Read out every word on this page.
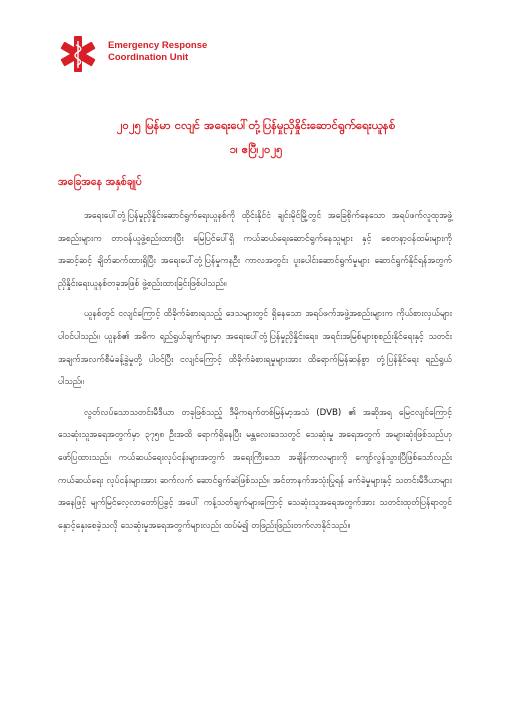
Emergency Response
Coordination Unit
၂၀၂၅ မြန်မာ ငလျင် အရေးပေါ်တုံ့ပြန်မှုညှိနှိုင်းဆောင်ရွက်ရေးယူနစ်
၁၊ ဧပြီ၊၂၀၂၅
အခြေအနေ အနှစ်ချုပ်

အရေးပေါ်တုံ့ပြန်မှုညှိနှိုင်းဆောင်ရွက်ရေးယူနစ်ကို ထိုင်းနိုင်ငံ ချင်းမိုင်မြို့တွင် အခြေစိုက်နေသော အရပ်ဖက်လူထုအဖွဲ့အစည်းများက တာဝန်ယူဖွဲ့စည်းထားပြီး မြေပြင်ပေါ်ရှိ ကယ်ဆယ်ရေးဆောင်ရွက်နေသူများ နှင့် စေတနာ့ဝန်ထမ်းများကို အဆင့်ဆင့် ချိတ်ဆက်ထားရှိပြီး အရေးပေါ်တုံ့ပြန်မှုကနဦး ကာလအတွင်း ပူးပေါင်းဆောင်ရွက်မှုများ ဆောင်ရွက်နိုင်ရန်အတွက် ညှိနှိုင်းရေးယူနစ်တခုအဖြစ် ဖွဲ့စည်းထားခြင်းဖြစ်ပါသည်။

ယူနစ်တွင် ငလျင်ကြောင့် ထိခိုက်ခံစားရသည့် ဒေသများတွင် ရှိနေသော အရပ်ဖက်အဖွဲ့အစည်းများက ကိုယ်စားလှယ်များ ပါဝင်ပါသည်။ ယူနစ်၏ အဓိက ရည်ရွယ်ချက်များမှာ အရေးပေါ်တုံ့ပြန်မှုညှိနှိုင်းရေး၊ အရင်းအမြစ်များစုစည်းနိုင်ရေးနှင့် သတင်းအချက်အလက်စီမံခန့်ခွဲမှုတို့ ပါဝင်ပြီး ငလျင်ကြောင့် ထိခိုက်ခံစားရမှုများအား ထိရောက်မြန်ဆန်စွာ တုံ့ပြန်နိုင်ရေး ရည်ရွယ်ပါသည်။

လွတ်လပ်သောသတင်းမီဒီယာ တခုဖြစ်သည့် ဒီမိုကရက်တစ်မြန်မာ့အသံ (DVB) ၏ အဆိုအရ မြေငလျင်ကြောင့် သေဆုံးသူအရေအတွက်မှာ ၃၇၅၈ ဦးအထိ ရောက်ရှိနေပြီး မန္တလေးဒေသတွင် သေဆုံးမှု အရေအတွက် အများဆုံးဖြစ်သည်ဟု ဖော်ပြထားသည်။ ကယ်ဆယ်ရေးလုပ်ငန်းများအတွက် အရေးကြီးသော အချိန်ကာလများကို ကျော်လွန်သွားပြီဖြစ်သော်လည်း ကယ်ဆယ်ရေး လုပ်ငန်းများအား ဆက်လက် ဆောင်ရွက်ဆဲဖြစ်သည်။ အင်တာနက်အသုံးပြုရန် ခက်ခဲမှုများနှင့် သတင်းမီဒီယာများအနေဖြင့် မျက်မြင်လေ့လာတော်ပြခွင့် အပေါ် ကန့်သတ်ချက်များကြောင့် သေဆုံးသူအရေအတွက်အား သတင်းထုတ်ပြန်ရာတွင် နှောင့်နှေးစေခဲ့သလို သေဆုံးမှုအရေအတွက်များလည်း ထပ်မံ၍ တဖြည်းဖြည်းတက်လာနိုင်သည်။
